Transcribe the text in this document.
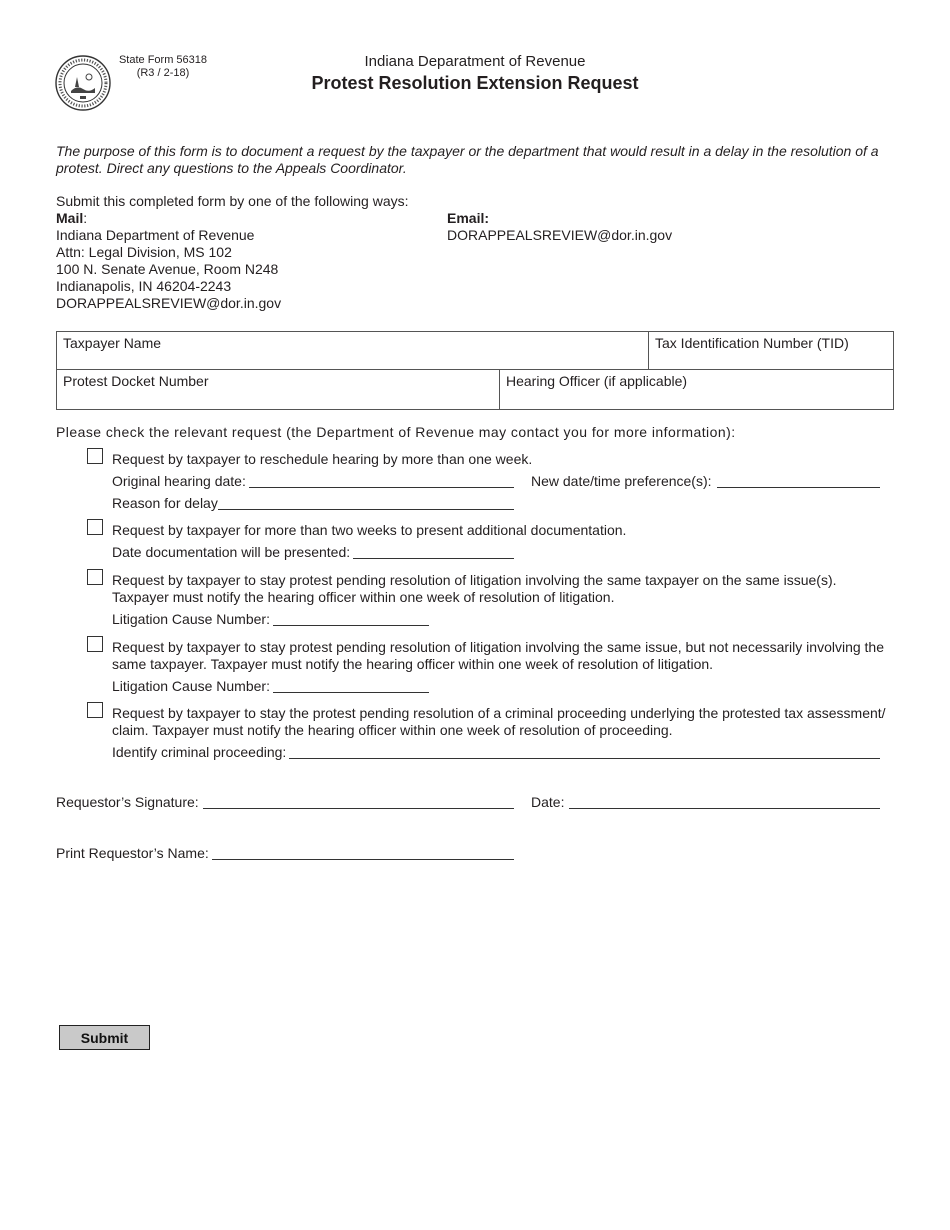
State Form 56318
(R3 / 2-18)
Indiana Deparatment of Revenue
Protest Resolution Extension Request
The purpose of this form is to document a request by the taxpayer or the department that would result in a delay in the resolution of a protest. Direct any questions to the Appeals Coordinator.
Submit this completed form by one of the following ways:
Mail:
Indiana Department of Revenue
Attn: Legal Division, MS 102
100 N. Senate Avenue, Room N248
Indianapolis, IN 46204-2243
DORAPPEALSREVIEW@dor.in.gov
Email:
DORAPPEALSREVIEW@dor.in.gov
Taxpayer Name	Tax Identification Number (TID)
Protest Docket Number	Hearing Officer (if applicable)
Please check the relevant request (the Department of Revenue may contact you for more information):
Request by taxpayer to reschedule hearing by more than one week.
Original hearing date:	New date/time preference(s):
Reason for delay
Request by taxpayer for more than two weeks to present additional documentation.
Date documentation will be presented:
Request by taxpayer to stay protest pending resolution of litigation involving the same taxpayer on the same issue(s). Taxpayer must notify the hearing officer within one week of resolution of litigation.
Litigation Cause Number:
Request by taxpayer to stay protest pending resolution of litigation involving the same issue, but not necessarily involving the same taxpayer. Taxpayer must notify the hearing officer within one week of resolution of litigation.
Litigation Cause Number:
Request by taxpayer to stay the protest pending resolution of a criminal proceeding underlying the protested tax assessment/ claim. Taxpayer must notify the hearing officer within one week of resolution of proceeding.
Identify criminal proceeding:
Requestor’s Signature:	Date:
Print Requestor’s Name:
Submit
